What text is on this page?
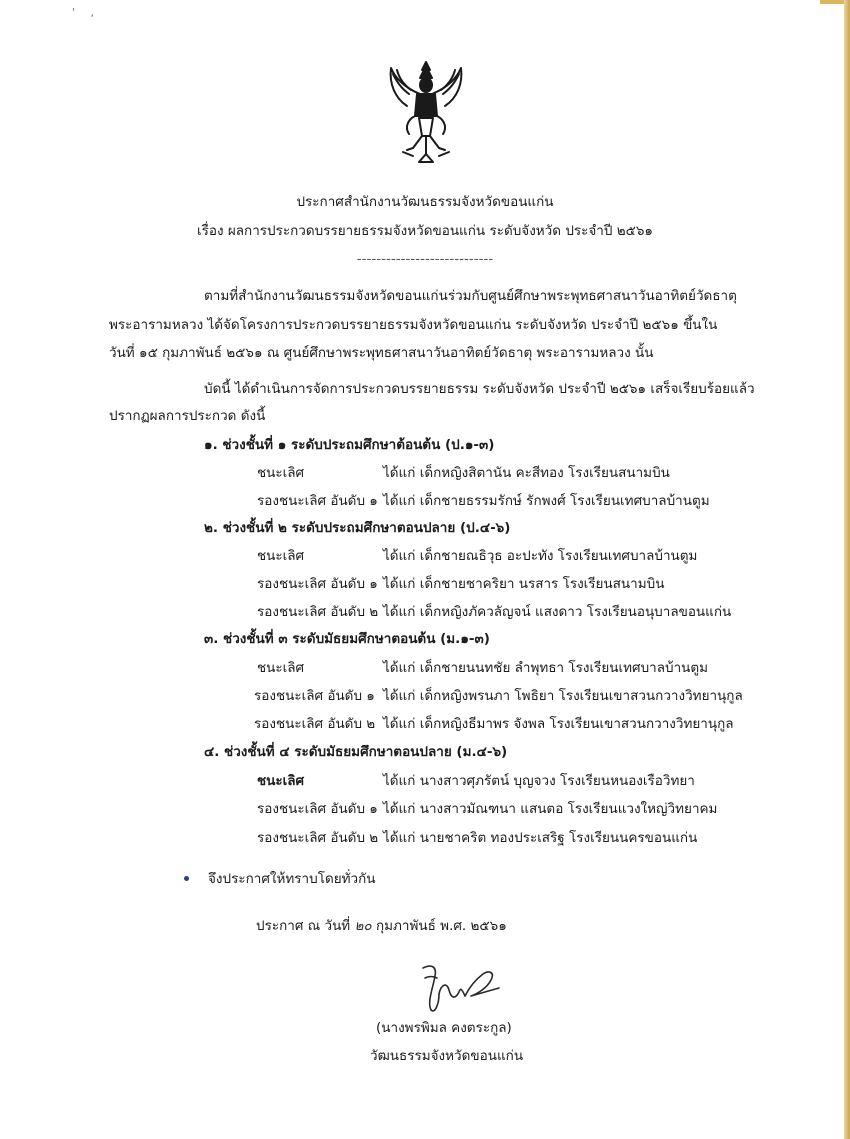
' ,
ประกาศสำนักงานวัฒนธรรมจังหวัดขอนแก่น
เรื่อง ผลการประกวดบรรยายธรรมจังหวัดขอนแก่น ระดับจังหวัด ประจำปี ๒๕๖๑
----------------------------
ตามที่สำนักงานวัฒนธรรมจังหวัดขอนแก่นร่วมกับศูนย์ศึกษาพระพุทธศาสนาวันอาทิตย์วัดธาตุ
พระอารามหลวง ได้จัดโครงการประกวดบรรยายธรรมจังหวัดขอนแก่น ระดับจังหวัด ประจำปี ๒๕๖๑ ขึ้นใน
วันที่ ๑๕ กุมภาพันธ์ ๒๕๖๑ ณ ศูนย์ศึกษาพระพุทธศาสนาวันอาทิตย์วัดธาตุ พระอารามหลวง นั้น
บัดนี้ ได้ดำเนินการจัดการประกวดบรรยายธรรม ระดับจังหวัด ประจำปี ๒๕๖๑ เสร็จเรียบร้อยแล้ว
ปรากฏผลการประกวด ดังนี้
๑. ช่วงชั้นที่ ๑ ระดับประถมศึกษาต้อนต้น (ป.๑-๓)
ชนะเลิศ	ได้แก่ เด็กหญิงสิตานัน คะสีทอง โรงเรียนสนามบิน
รองชนะเลิศ อันดับ ๑ ได้แก่ เด็กชายธรรมรักษ์ รักพงศ์ โรงเรียนเทศบาลบ้านตูม
๒. ช่วงชั้นที่ ๒ ระดับประถมศึกษาตอนปลาย (ป.๔-๖)
ชนะเลิศ	ได้แก่ เด็กชายณธิวุธ อะปะทัง โรงเรียนเทศบาลบ้านตูม
รองชนะเลิศ อันดับ ๑ ได้แก่ เด็กชายชาคริยา นรสาร โรงเรียนสนามบิน
รองชนะเลิศ อันดับ ๒ ได้แก่ เด็กหญิงภัควลัญจน์ แสงดาว โรงเรียนอนุบาลขอนแก่น
๓. ช่วงชั้นที่ ๓ ระดับมัธยมศึกษาตอนต้น (ม.๑-๓)
ชนะเลิศ	ได้แก่ เด็กชายนนทชัย ลำพุทธา โรงเรียนเทศบาลบ้านตูม
รองชนะเลิศ อันดับ ๑ ได้แก่ เด็กหญิงพรนภา โพธิยา โรงเรียนเขาสวนกวางวิทยานุกูล
รองชนะเลิศ อันดับ ๒ ได้แก่ เด็กหญิงธีมาพร จังพล โรงเรียนเขาสวนกวางวิทยานุกูล
๔. ช่วงชั้นที่ ๔ ระดับมัธยมศึกษาตอนปลาย (ม.๔-๖)
ชนะเลิศ	ได้แก่ นางสาวศุภรัตน์ บุญจวง โรงเรียนหนองเรือวิทยา
รองชนะเลิศ อันดับ ๑ ได้แก่ นางสาวมัณฑนา แสนตอ โรงเรียนแวงใหญ่วิทยาคม
รองชนะเลิศ อันดับ ๒ ได้แก่ นายชาคริต ทองประเสริฐ โรงเรียนนครขอนแก่น
จึงประกาศให้ทราบโดยทั่วกัน
ประกาศ ณ วันที่ ๒๐ กุมภาพันธ์ พ.ศ. ๒๕๖๑
(นางพรพิมล คงตระกูล)
วัฒนธรรมจังหวัดขอนแก่น
